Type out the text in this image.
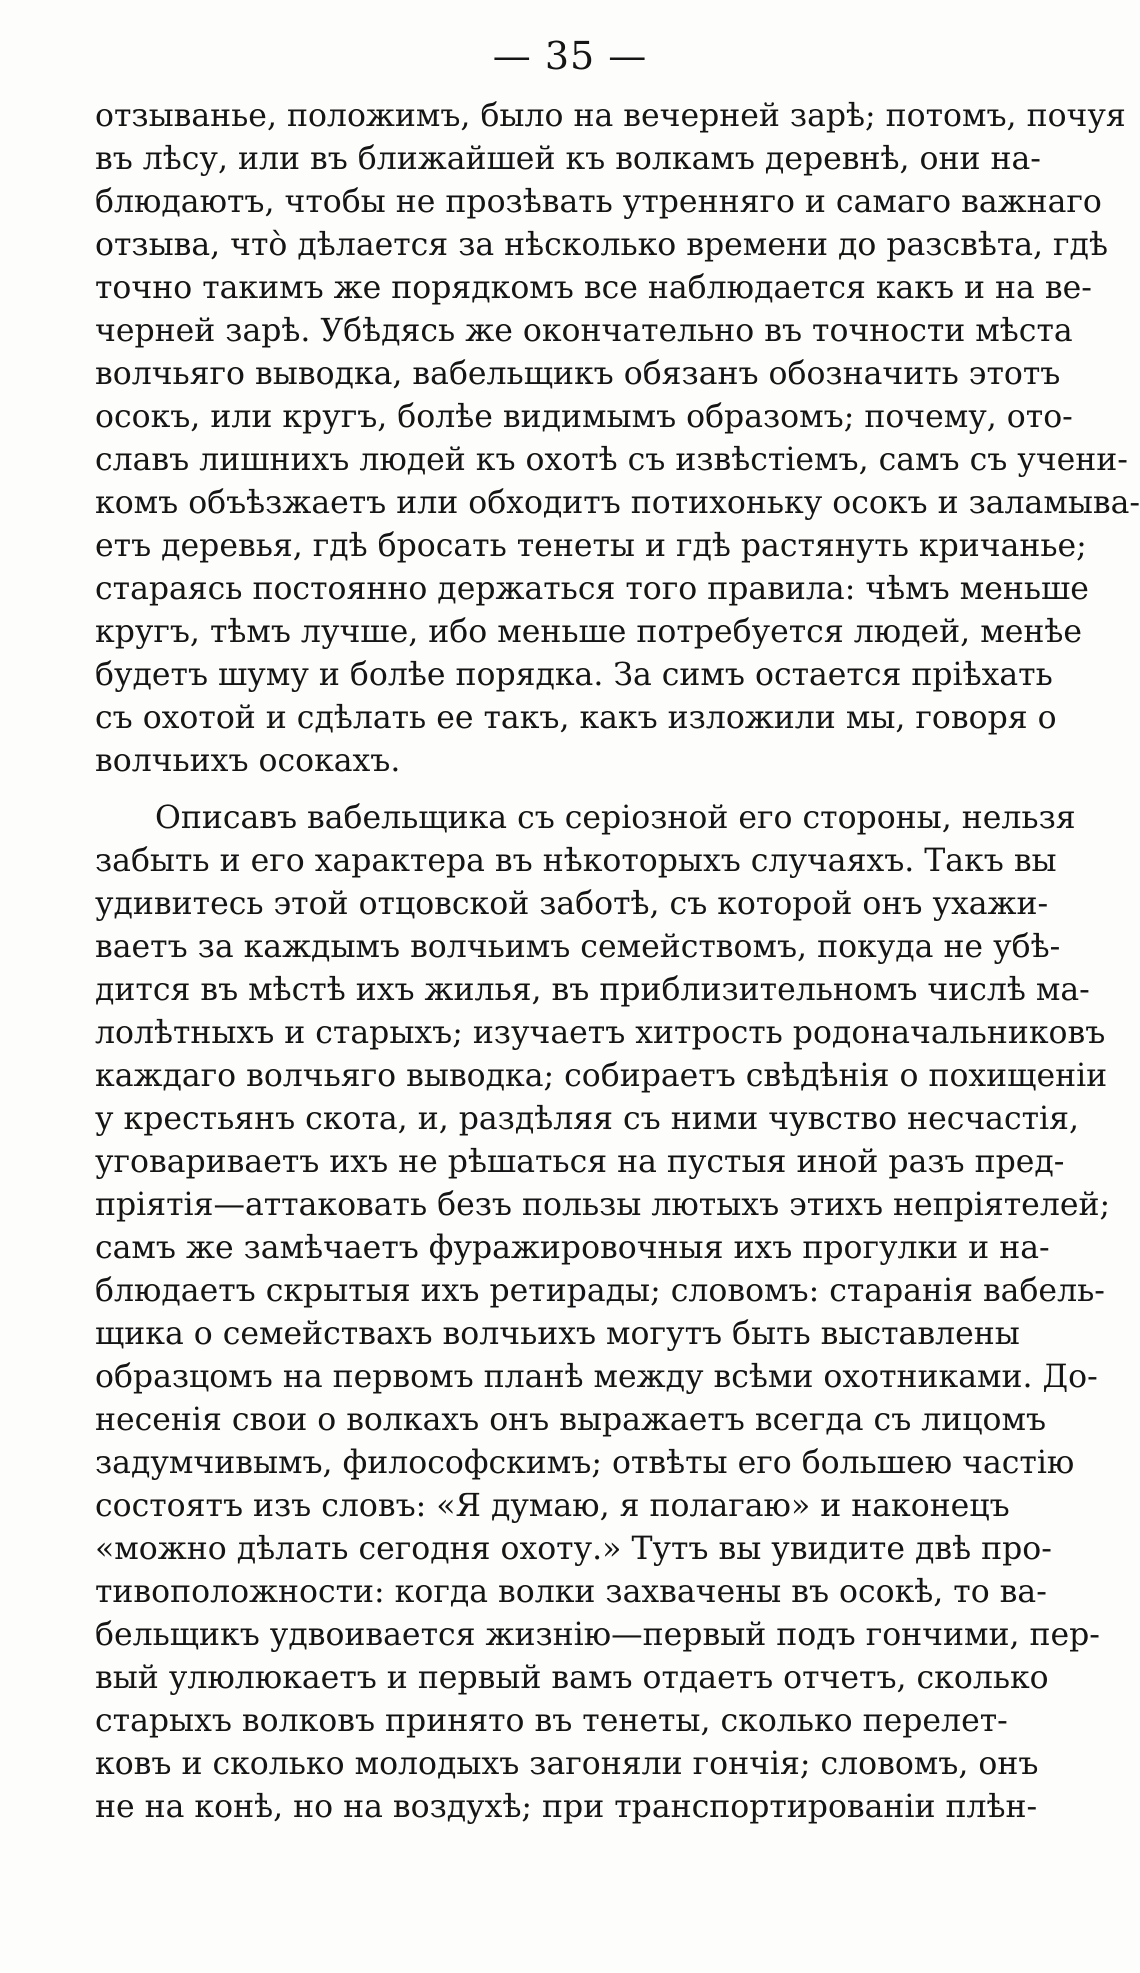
— 35 —
отзыванье, положимъ, было на вечерней зарѣ; потомъ, почуя
въ лѣсу, или въ ближайшей къ волкамъ деревнѣ, они на-
блюдаютъ, чтобы не прозѣвать утренняго и самаго важнаго
отзыва, что̀ дѣлается за нѣсколько времени до разсвѣта, гдѣ
точно такимъ же порядкомъ все наблюдается какъ и на ве-
черней зарѣ. Убѣдясь же окончательно въ точности мѣста
волчьяго выводка, вабельщикъ обязанъ обозначить этотъ
осокъ, или кругъ, болѣе видимымъ образомъ; почему, ото-
славъ лишнихъ людей къ охотѣ съ извѣстіемъ, самъ съ учени-
комъ объѣзжаетъ или обходитъ потихоньку осокъ и заламыва-
етъ деревья, гдѣ бросать тенеты и гдѣ растянуть кричанье;
стараясь постоянно держаться того правила: чѣмъ меньше
кругъ, тѣмъ лучше, ибо меньше потребуется людей, менѣе
будетъ шуму и болѣе порядка. За симъ остается пріѣхать
съ охотой и сдѣлать ее такъ, какъ изложили мы, говоря о
волчьихъ осокахъ.
Описавъ вабельщика съ серіозной его стороны, нельзя
забыть и его характера въ нѣкоторыхъ случаяхъ. Такъ вы
удивитесь этой отцовской заботѣ, съ которой онъ ухажи-
ваетъ за каждымъ волчьимъ семействомъ, покуда не убѣ-
дится въ мѣстѣ ихъ жилья, въ приблизительномъ числѣ ма-
лолѣтныхъ и старыхъ; изучаетъ хитрость родоначальниковъ
каждаго волчьяго выводка; собираетъ свѣдѣнія о похищеніи
у крестьянъ скота, и, раздѣляя съ ними чувство несчастія,
уговариваетъ ихъ не рѣшаться на пустыя иной разъ пред-
пріятія—аттаковать безъ пользы лютыхъ этихъ непріятелей;
самъ же замѣчаетъ фуражировочныя ихъ прогулки и на-
блюдаетъ скрытыя ихъ ретирады; словомъ: старанія вабель-
щика о семействахъ волчьихъ могутъ быть выставлены
образцомъ на первомъ планѣ между всѣми охотниками. До-
несенія свои о волкахъ онъ выражаетъ всегда съ лицомъ
задумчивымъ, философскимъ; отвѣты его большею частію
состоятъ изъ словъ: «Я думаю, я полагаю» и наконецъ
«можно дѣлать сегодня охоту.» Тутъ вы увидите двѣ про-
тивоположности: когда волки захвачены въ осокѣ, то ва-
бельщикъ удвоивается жизнію—первый подъ гончими, пер-
вый улюлюкаетъ и первый вамъ отдаетъ отчетъ, сколько
старыхъ волковъ принято въ тенеты, сколько перелет-
ковъ и сколько молодыхъ загоняли гончія; словомъ, онъ
не на конѣ, но на воздухѣ; при транспортированіи плѣн-
